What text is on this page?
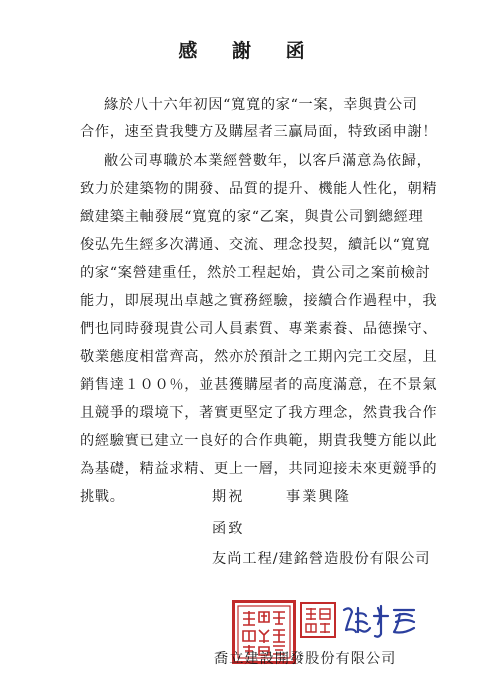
感 謝 函
緣於八十六年初因“寬寬的家“一案，幸與貴公司
合作，速至貴我雙方及購屋者三贏局面，特致函申謝！
敝公司專職於本業經營數年，以客戶滿意為依歸，
致力於建築物的開發、品質的提升、機能人性化，朝精
緻建築主軸發展“寬寬的家“乙案，與貴公司劉總經理
俊弘先生經多次溝通、交流、理念投契，續託以“寬寬
的家“案營建重任，然於工程起始，貴公司之案前檢討
能力，即展現出卓越之實務經驗，接續合作過程中，我
們也同時發現貴公司人員素質、專業素養、品德操守、
敬業態度相當齊高，然亦於預計之工期內完工交屋，且
銷售達１００％，並甚獲購屋者的高度滿意，在不景氣
且競爭的環境下，著實更堅定了我方理念，然貴我合作
的經驗實已建立一良好的合作典範，期貴我雙方能以此
為基礎，精益求精、更上一層，共同迎接未來更競爭的
挑戰。	期祝	事業興隆
函致
友尚工程/建銘營造股份有限公司
喬立建設開發股份有限公司
